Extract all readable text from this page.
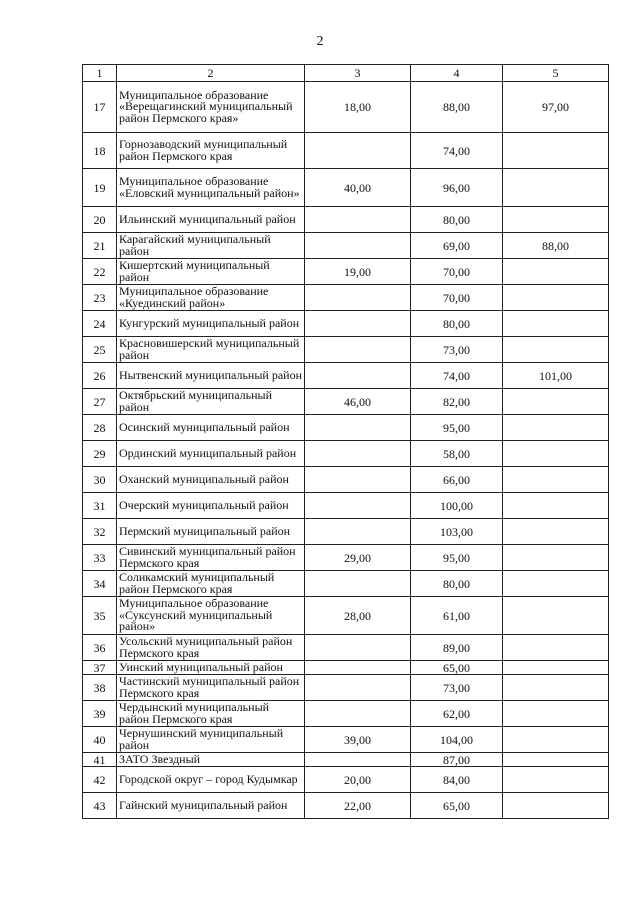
2
1	2	3	4	5
17	Муниципальное образование «Верещагинский муниципальный район Пермского края»	18,00	88,00	97,00
18	Горнозаводский муниципальный район Пермского края		74,00	
19	Муниципальное образование «Еловский муниципальный район»	40,00	96,00	
20	Ильинский муниципальный район		80,00	
21	Карагайский муниципальный район		69,00	88,00
22	Кишертский муниципальный район	19,00	70,00	
23	Муниципальное образование «Куединский район»		70,00	
24	Кунгурский муниципальный район		80,00	
25	Красновишерский муниципальный район		73,00	
26	Нытвенский муниципальный район		74,00	101,00
27	Октябрьский муниципальный район	46,00	82,00	
28	Осинский муниципальный район		95,00	
29	Ординский муниципальный район		58,00	
30	Оханский муниципальный район		66,00	
31	Очерский муниципальный район		100,00	
32	Пермский муниципальный район		103,00	
33	Сивинский муниципальный район Пермского края	29,00	95,00	
34	Соликамский муниципальный район Пермского края		80,00	
35	Муниципальное образование «Суксунский муниципальный район»	28,00	61,00	
36	Усольский муниципальный район Пермского края		89,00	
37	Уинский муниципальный район		65,00	
38	Частинский муниципальный район Пермского края		73,00	
39	Чердынский муниципальный район Пермского края		62,00	
40	Чернушинский муниципальный район	39,00	104,00	
41	ЗАТО Звездный		87,00	
42	Городской округ – город Кудымкар	20,00	84,00	
43	Гайнский муниципальный район	22,00	65,00	
